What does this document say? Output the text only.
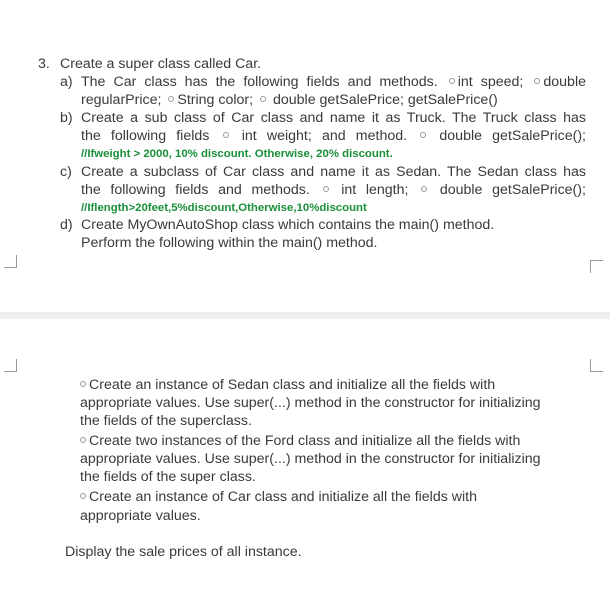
3. Create a super class called Car.
a) The Car class has the following fields and methods. int speed; double
regularPrice; String color; double getSalePrice; getSalePrice()
b) Create a sub class of Car class and name it as Truck. The Truck class has
the following fields int weight; and method. double getSalePrice();
//Ifweight > 2000, 10% discount. Otherwise, 20% discount.
c) Create a subclass of Car class and name it as Sedan. The Sedan class has
the following fields and methods. int length; double getSalePrice();
//Iflength>20feet,5%discount,Otherwise,10%discount
d) Create MyOwnAutoShop class which contains the main() method.
Perform the following within the main() method.
Create an instance of Sedan class and initialize all the fields with
appropriate values. Use super(...) method in the constructor for initializing
the fields of the superclass.
Create two instances of the Ford class and initialize all the fields with
appropriate values. Use super(...) method in the constructor for initializing
the fields of the super class.
Create an instance of Car class and initialize all the fields with
appropriate values.
Display the sale prices of all instance.
